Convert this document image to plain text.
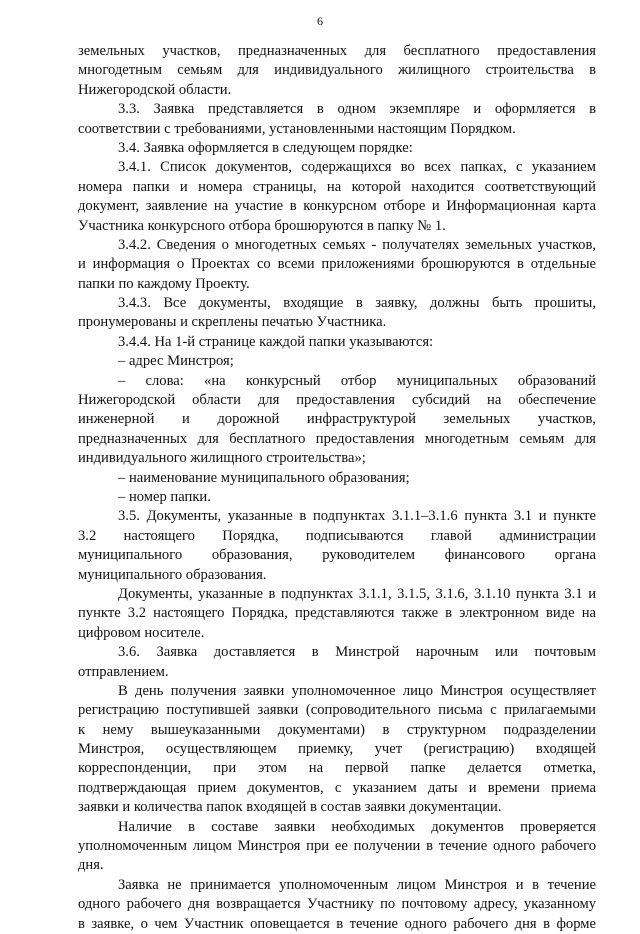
6
земельных участков, предназначенных для бесплатного предоставления
многодетным семьям для индивидуального жилищного строительства в
Нижегородской области.
3.3. Заявка представляется в одном экземпляре и оформляется в
соответствии с требованиями, установленными настоящим Порядком.
3.4. Заявка оформляется в следующем порядке:
3.4.1. Список документов, содержащихся во всех папках, с указанием
номера папки и номера страницы, на которой находится соответствующий
документ, заявление на участие в конкурсном отборе и Информационная карта
Участника конкурсного отбора брошюруются в папку № 1.
3.4.2. Сведения о многодетных семьях - получателях земельных участков,
и информация о Проектах со всеми приложениями брошюруются в отдельные
папки по каждому Проекту.
3.4.3. Все документы, входящие в заявку, должны быть прошиты,
пронумерованы и скреплены печатью Участника.
3.4.4. На 1-й странице каждой папки указываются:
– адрес Минстроя;
– слова: «на конкурсный отбор муниципальных образований
Нижегородской области для предоставления субсидий на обеспечение
инженерной и дорожной инфраструктурой земельных участков,
предназначенных для бесплатного предоставления многодетным семьям для
индивидуального жилищного строительства»;
– наименование муниципального образования;
– номер папки.
3.5. Документы, указанные в подпунктах 3.1.1–3.1.6 пункта 3.1 и пункте
3.2 настоящего Порядка, подписываются главой администрации
муниципального образования, руководителем финансового органа
муниципального образования.
Документы, указанные в подпунктах 3.1.1, 3.1.5, 3.1.6, 3.1.10 пункта 3.1 и
пункте 3.2 настоящего Порядка, представляются также в электронном виде на
цифровом носителе.
3.6. Заявка доставляется в Минстрой нарочным или почтовым
отправлением.
В день получения заявки уполномоченное лицо Минстроя осуществляет
регистрацию поступившей заявки (сопроводительного письма с прилагаемыми
к нему вышеуказанными документами) в структурном подразделении
Минстроя, осуществляющем приемку, учет (регистрацию) входящей
корреспонденции, при этом на первой папке делается отметка,
подтверждающая прием документов, с указанием даты и времени приема
заявки и количества папок входящей в состав заявки документации.
Наличие в составе заявки необходимых документов проверяется
уполномоченным лицом Минстроя при ее получении в течение одного рабочего
дня.
Заявка не принимается уполномоченным лицом Минстроя и в течение
одного рабочего дня возвращается Участнику по почтовому адресу, указанному
в заявке, о чем Участник оповещается в течение одного рабочего дня в форме
